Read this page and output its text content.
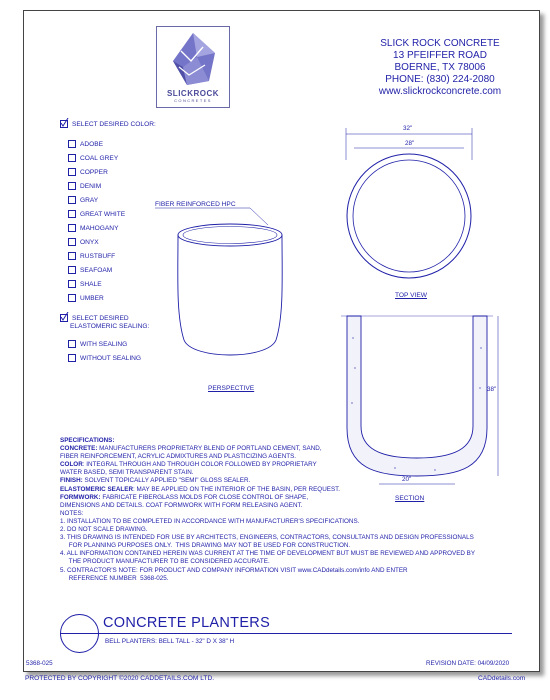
SLICKROCK
CONCRETES
SLICK ROCK CONCRETE
13 PFEIFFER ROAD
BOERNE, TX 78006
PHONE: (830) 224-2080
www.slickrockconcrete.com
SELECT DESIRED COLOR:
ADOBE
COAL GREY
COPPER
DENIM
GRAY
GREAT WHITE
MAHOGANY
ONYX
RUSTBUFF
SEAFOAM
SHALE
UMBER
SELECT DESIRED
ELASTOMERIC SEALING:
WITH SEALING
WITHOUT SEALING
FIBER REINFORCED HPC
PERSPECTIVE
32"
28"
TOP VIEW
38"
20"
SECTION
SPECIFICATIONS:
CONCRETE: MANUFACTURERS PROPRIETARY BLEND OF PORTLAND CEMENT, SAND,
FIBER REINFORCEMENT, ACRYLIC ADMIXTURES AND PLASTICIZING AGENTS.
COLOR: INTEGRAL THROUGH AND THROUGH COLOR FOLLOWED BY PROPRIETARY
WATER BASED, SEMI TRANSPARENT STAIN.
FINISH: SOLVENT TOPICALLY APPLIED "SEMI" GLOSS SEALER.
ELASTOMERIC SEALER: MAY BE APPLIED ON THE INTERIOR OF THE BASIN, PER REQUEST.
FORMWORK: FABRICATE FIBERGLASS MOLDS FOR CLOSE CONTROL OF SHAPE,
DIMENSIONS AND DETAILS. COAT FORMWORK WITH FORM RELEASING AGENT.
NOTES:
1. INSTALLATION TO BE COMPLETED IN ACCORDANCE WITH MANUFACTURER'S SPECIFICATIONS.
2. DO NOT SCALE DRAWING.
3. THIS DRAWING IS INTENDED FOR USE BY ARCHITECTS, ENGINEERS, CONTRACTORS, CONSULTANTS AND DESIGN PROFESSIONALS
FOR PLANNING PURPOSES ONLY.  THIS DRAWING MAY NOT BE USED FOR CONSTRUCTION.
4. ALL INFORMATION CONTAINED HEREIN WAS CURRENT AT THE TIME OF DEVELOPMENT BUT MUST BE REVIEWED AND APPROVED BY
THE PRODUCT MANUFACTURER TO BE CONSIDERED ACCURATE.
5. CONTRACTOR'S NOTE: FOR PRODUCT AND COMPANY INFORMATION VISIT www.CADdetails.com/info AND ENTER
REFERENCE NUMBER  5368-025.
CONCRETE PLANTERS
BELL PLANTERS: BELL TALL - 32" D X 38" H
5368-025	REVISION DATE: 04/09/2020
PROTECTED BY COPYRIGHT ©2020 CADDETAILS.COM LTD.	CADdetails.com
